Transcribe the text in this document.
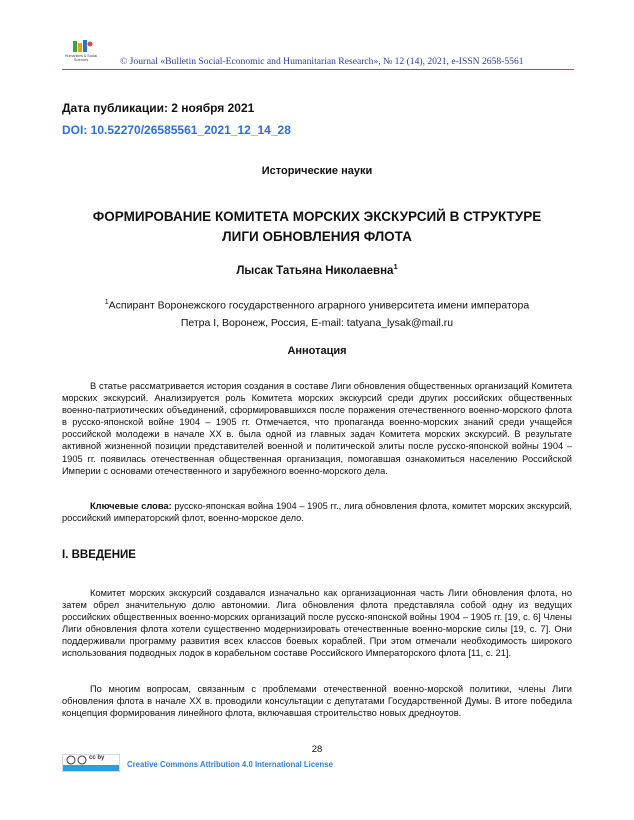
Humanities & Social
Sciences	© Journal «Bulletin Social-Economic and Humanitarian Research», № 12 (14), 2021, e-ISSN 2658-5561
Дата публикации: 2 ноября 2021
DOI: 10.52270/26585561_2021_12_14_28
Исторические науки
ФОРМИРОВАНИЕ КОМИТЕТА МОРСКИХ ЭКСКУРСИЙ В СТРУКТУРЕ
ЛИГИ ОБНОВЛЕНИЯ ФЛОТА
Лысак Татьяна Николаевна$^1$
$^1$Аспирант Воронежского государственного аграрного университета имени императора
Петра I, Воронеж, Россия, E-mail: tatyana_lysak@mail.ru
Аннотация

В статье рассматривается история создания в составе Лиги обновления общественных организаций Комитета морских экскурсий. Анализируется роль Комитета морских экскурсий среди других российских общественных военно-патриотических объединений, сформировавшихся после поражения отечественного военно-морского флота в русско-японской войне 1904 – 1905 гг. Отмечается, что пропаганда военно-морских знаний среди учащейся российской молодежи в начале ХХ в. была одной из главных задач Комитета морских экскурсий. В результате активной жизненной позиции представителей военной и политической элиты после русско-японской войны 1904 – 1905 гг. появилась отечественная общественная организация, помогавшая ознакомиться населению Российской Империи с основами отечественного и зарубежного военно-морского дела.

Ключевые слова: русско-японская война 1904 – 1905 гг., лига обновления флота, комитет морских экскурсий, российский императорский флот, военно-морское дело.

I. ВВЕДЕНИЕ

Комитет морских экскурсий создавался изначально как организационная часть Лиги обновления флота, но затем обрел значительную долю автономии. Лига обновления флота представляла собой одну из ведущих российских общественных военно-морских организаций после русско-японской войны 1904 – 1905 гг. [19, с. 6] Члены Лиги обновления флота хотели существенно модернизировать отечественные военно-морские силы [19, с. 7]. Они поддерживали программу развития всех классов боевых кораблей. При этом отмечали необходимость широкого использования подводных лодок в корабельном составе Российского Императорского флота [11, с. 21].

По многим вопросам, связанным с проблемами отечественной военно-морской политики, члены Лиги обновления флота в начале ХХ в. проводили консультации с депутатами Государственной Думы. В итоге победила концепция формирования линейного флота, включавшая строительство новых дредноутов.

28
cc by
Creative Commons Attribution 4.0 International License
